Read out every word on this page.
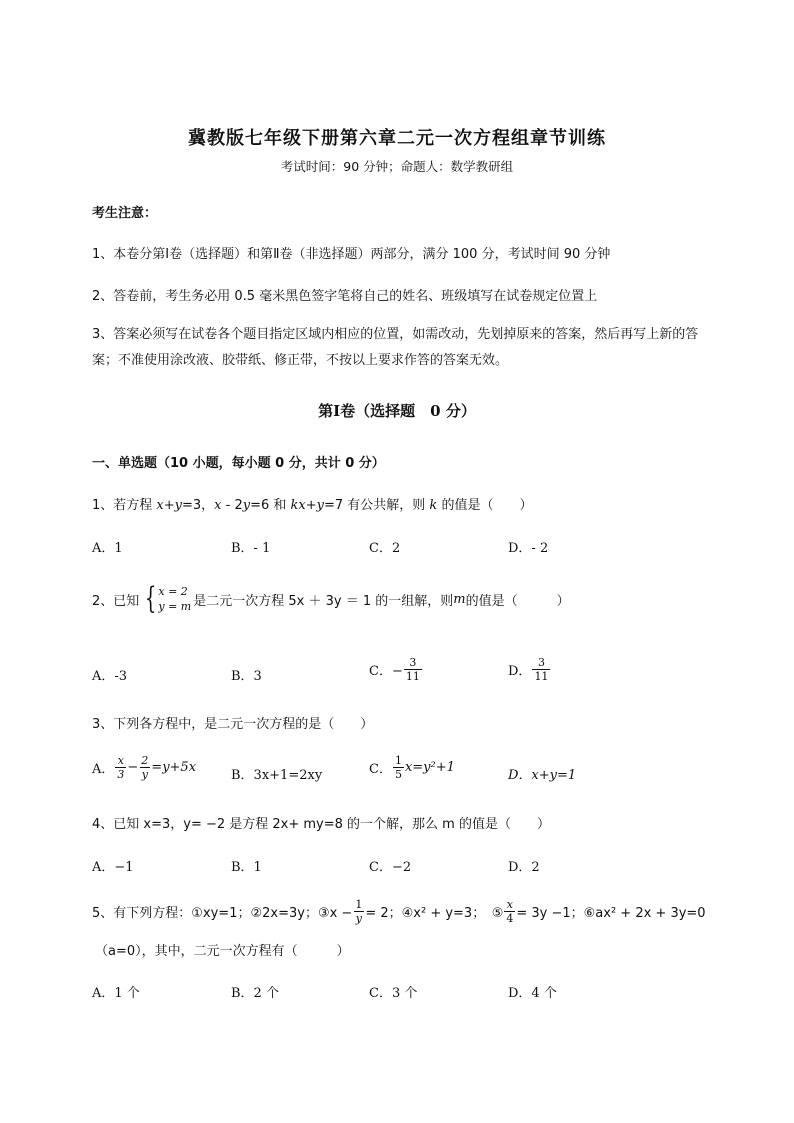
冀教版七年级下册第六章二元一次方程组章节训练
考试时间：90 分钟；命题人：数学教研组
考生注意：
1、本卷分第Ⅰ卷（选择题）和第Ⅱ卷（非选择题）两部分，满分 100 分，考试时间 90 分钟
2、答卷前，考生务必用 0.5 毫米黑色签字笔将自己的姓名、班级填写在试卷规定位置上
3、答案必须写在试卷各个题目指定区域内相应的位置，如需改动，先划掉原来的答案，然后再写上新的答案；不准使用涂改液、胶带纸、修正带，不按以上要求作答的答案无效。
第Ⅰ卷（选择题　0 分）
一、单选题（10 小题，每小题 0 分，共计 0 分）
1、若方程 x+y=3，x - 2y=6 和 kx+y=7 有公共解，则 k 的值是（　　）
A．1	B．- 1	C．2	D．- 2
2、已知 { x = 2
y = m 是二元一次方程 5x ＋ 3y ＝ 1 的一组解，则 m 的值是（　　　）
A．-3	B．3	C．− $\frac{3}{11}$	D． $\frac{3}{11}$
3、下列各方程中，是二元一次方程的是（　　）
A． $\frac{x}{3} - \frac{2}{y} =y+5x$
B．3x+1=2xy	C． $\frac{1}{5} x=y^2+1$
D．x+y=1
4、已知 x=3，y= −2 是方程 2x+ my=8 的一个解，那么 m 的值是（　　）
A．−1	B．1	C．−2	D．2
5、有下列方程：①xy=1；②2x=3y；③x − $\frac{1}{y} = 2$；④x² + y=3；　⑤ $\frac{x}{4} = 3y -1$；⑥ax² + 2x + 3y=0
（a=0），其中，二元一次方程有（　　　）
A．1 个	B．2 个	C．3 个	D．4 个
